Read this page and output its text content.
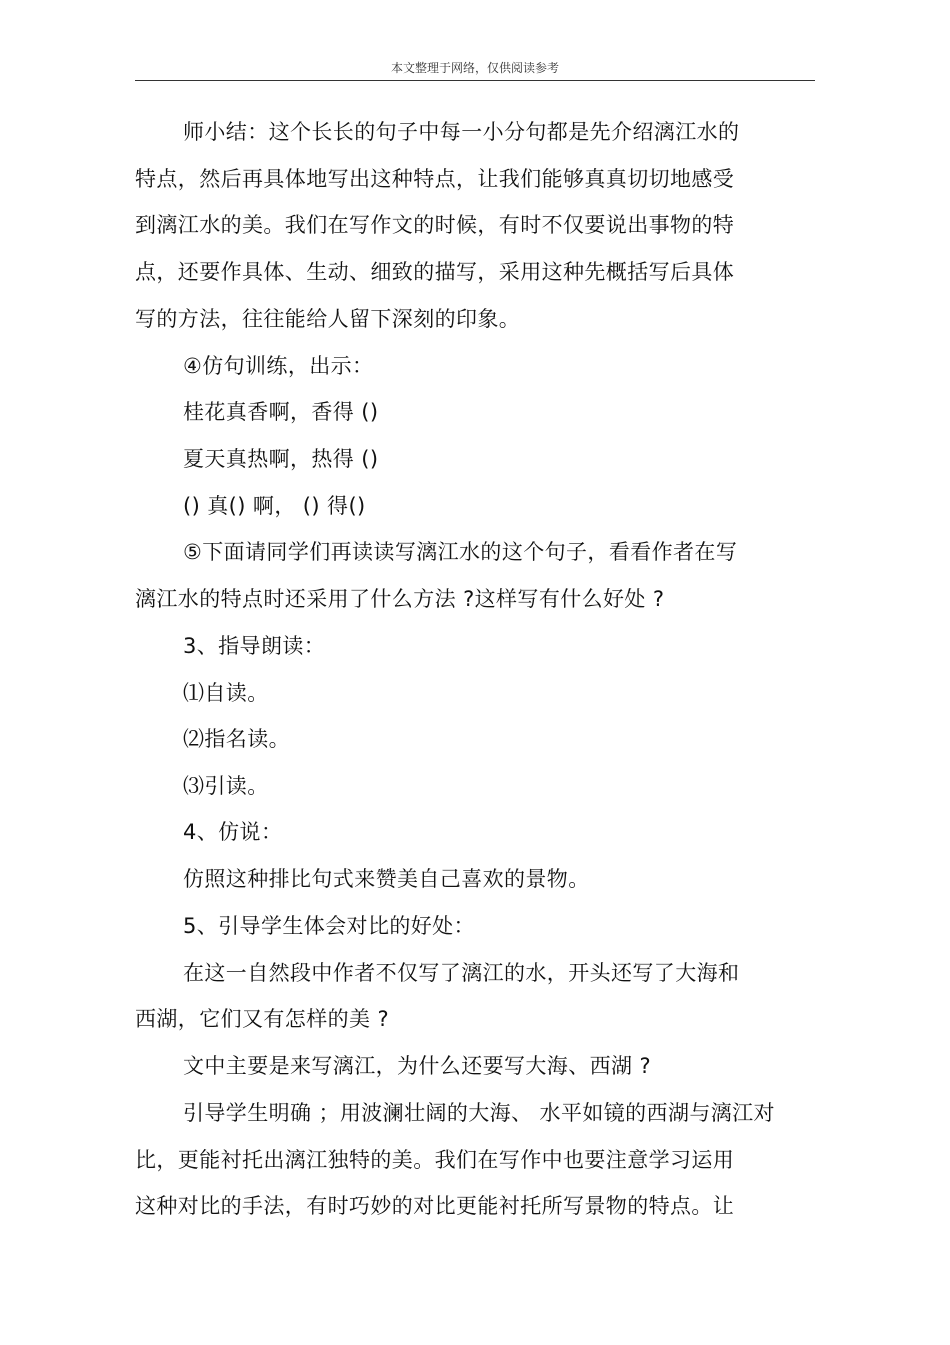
本文整理于网络，仅供阅读参考

师小结：这个长长的句子中每一小分句都是先介绍漓江水的

特点，然后再具体地写出这种特点，让我们能够真真切切地感受

到漓江水的美。我们在写作文的时候，有时不仅要说出事物的特

点，还要作具体、生动、细致的描写，采用这种先概括写后具体

写的方法，往往能给人留下深刻的印象。

④仿句训练，出示：

桂花真香啊，香得 ()

夏天真热啊，热得 ()

() 真() 啊， () 得()

⑤下面请同学们再读读写漓江水的这个句子，看看作者在写

漓江水的特点时还采用了什么方法 ?这样写有什么好处 ?

3、指导朗读：

⑴自读。

⑵指名读。

⑶引读。

4、仿说：

仿照这种排比句式来赞美自己喜欢的景物。

5、引导学生体会对比的好处：

在这一自然段中作者不仅写了漓江的水，开头还写了大海和

西湖，它们又有怎样的美 ?

文中主要是来写漓江，为什么还要写大海、西湖 ?

引导学生明确 ；用波澜壮阔的大海、 水平如镜的西湖与漓江对

比，更能衬托出漓江独特的美。我们在写作中也要注意学习运用

这种对比的手法，有时巧妙的对比更能衬托所写景物的特点。让
